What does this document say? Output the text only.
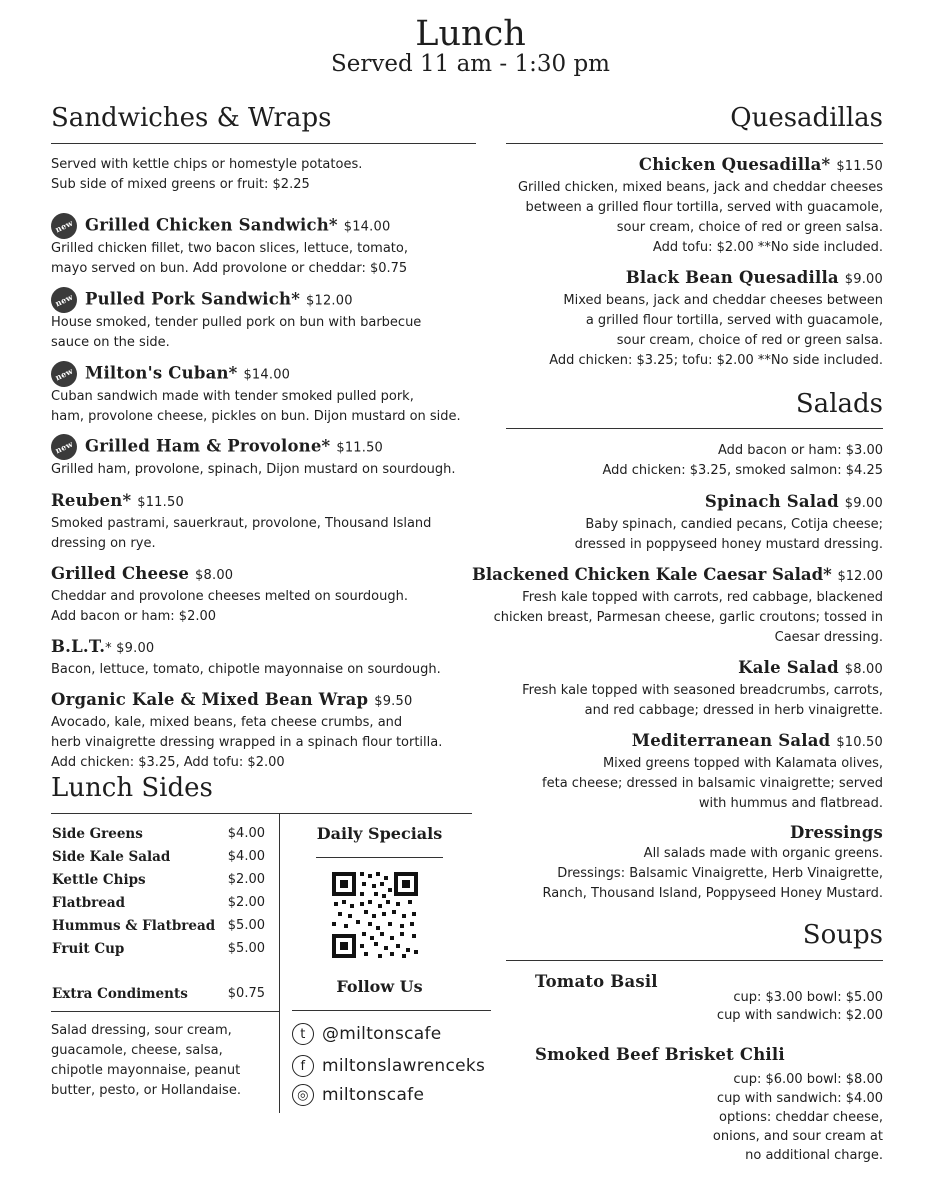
Lunch
Served 11 am - 1:30 pm
Sandwiches & Wraps
Served with kettle chips or homestyle potatoes.
Sub side of mixed greens or fruit: $2.25
new Grilled Chicken Sandwich* $14.00
Grilled chicken fillet, two bacon slices, lettuce, tomato,
mayo served on bun. Add provolone or cheddar: $0.75
new Pulled Pork Sandwich* $12.00
House smoked, tender pulled pork on bun with barbecue
sauce on the side.
new Milton's Cuban* $14.00
Cuban sandwich made with tender smoked pulled pork,
ham, provolone cheese, pickles on bun. Dijon mustard on side.
new Grilled Ham & Provolone* $11.50
Grilled ham, provolone, spinach, Dijon mustard on sourdough.
Reuben* $11.50
Smoked pastrami, sauerkraut, provolone, Thousand Island
dressing on rye.
Grilled Cheese $8.00
Cheddar and provolone cheeses melted on sourdough.
Add bacon or ham: $2.00
B.L.T.* $9.00
Bacon, lettuce, tomato, chipotle mayonnaise on sourdough.
Organic Kale & Mixed Bean Wrap $9.50
Avocado, kale, mixed beans, feta cheese crumbs, and
herb vinaigrette dressing wrapped in a spinach flour tortilla.
Add chicken: $3.25, Add tofu: $2.00
Lunch Sides
Side Greens	$4.00
Side Kale Salad	$4.00
Kettle Chips	$2.00
Flatbread	$2.00
Hummus & Flatbread $5.00
Fruit Cup	$5.00
Extra Condiments	$0.75
Salad dressing, sour cream,
guacamole, cheese, salsa,
chipotle mayonnaise, peanut
butter, pesto, or Hollandaise.
Daily Specials
Follow Us
t @miltonscafe
f miltonslawrenceks
◎ miltonscafe
Quesadillas
Chicken Quesadilla* $11.50
Grilled chicken, mixed beans, jack and cheddar cheeses
between a grilled flour tortilla, served with guacamole,
sour cream, choice of red or green salsa.
Add tofu: $2.00 **No side included.
Black Bean Quesadilla $9.00
Mixed beans, jack and cheddar cheeses between
a grilled flour tortilla, served with guacamole,
sour cream, choice of red or green salsa.
Add chicken: $3.25; tofu: $2.00 **No side included.
Salads
Add bacon or ham: $3.00
Add chicken: $3.25, smoked salmon: $4.25
Spinach Salad $9.00
Baby spinach, candied pecans, Cotija cheese;
dressed in poppyseed honey mustard dressing.
Blackened Chicken Kale Caesar Salad* $12.00
Fresh kale topped with carrots, red cabbage, blackened
chicken breast, Parmesan cheese, garlic croutons; tossed in
Caesar dressing.
Kale Salad $8.00
Fresh kale topped with seasoned breadcrumbs, carrots,
and red cabbage; dressed in herb vinaigrette.
Mediterranean Salad $10.50
Mixed greens topped with Kalamata olives,
feta cheese; dressed in balsamic vinaigrette; served
with hummus and flatbread.
Dressings
All salads made with organic greens.
Dressings: Balsamic Vinaigrette, Herb Vinaigrette,
Ranch, Thousand Island, Poppyseed Honey Mustard.
Soups
Tomato Basil
cup: $3.00 bowl: $5.00
cup with sandwich: $2.00
Smoked Beef Brisket Chili
cup: $6.00 bowl: $8.00
cup with sandwich: $4.00
options: cheddar cheese,
onions, and sour cream at
no additional charge.
